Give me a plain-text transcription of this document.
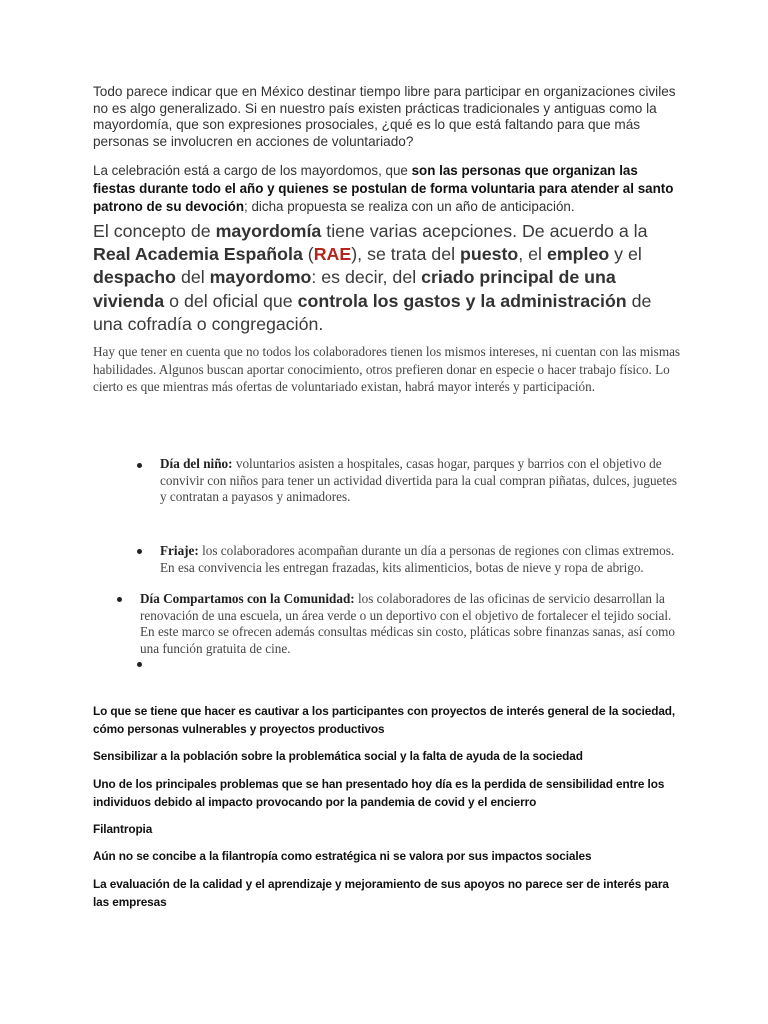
Todo parece indicar que en México destinar tiempo libre para participar en organizaciones civiles no es algo generalizado. Si en nuestro país existen prácticas tradicionales y antiguas como la mayordomía, que son expresiones prosociales, ¿qué es lo que está faltando para que más personas se involucren en acciones de voluntariado?

La celebración está a cargo de los mayordomos, que son las personas que organizan las fiestas durante todo el año y quienes se postulan de forma voluntaria para atender al santo patrono de su devoción; dicha propuesta se realiza con un año de anticipación.

El concepto de mayordomía tiene varias acepciones. De acuerdo a la Real Academia Española (RAE), se trata del puesto, el empleo y el despacho del mayordomo: es decir, del criado principal de una vivienda o del oficial que controla los gastos y la administración de una cofradía o congregación.

Hay que tener en cuenta que no todos los colaboradores tienen los mismos intereses, ni cuentan con las mismas habilidades. Algunos buscan aportar conocimiento, otros prefieren donar en especie o hacer trabajo físico. Lo cierto es que mientras más ofertas de voluntariado existan, habrá mayor interés y participación.

Día del niño: voluntarios asisten a hospitales, casas hogar, parques y barrios con el objetivo de convivir con niños para tener un actividad divertida para la cual compran piñatas, dulces, juguetes y contratan a payasos y animadores.

Friaje: los colaboradores acompañan durante un día a personas de regiones con climas extremos. En esa convivencia les entregan frazadas, kits alimenticios, botas de nieve y ropa de abrigo.

Día Compartamos con la Comunidad: los colaboradores de las oficinas de servicio desarrollan la renovación de una escuela, un área verde o un deportivo con el objetivo de fortalecer el tejido social. En este marco se ofrecen además consultas médicas sin costo, pláticas sobre finanzas sanas, así como una función gratuita de cine.

Lo que se tiene que hacer es cautivar a los participantes con proyectos de interés general de la sociedad, cómo personas vulnerables y proyectos productivos

Sensibilizar a la población sobre la problemática social y la falta de ayuda de la sociedad

Uno de los principales problemas que se han presentado hoy día es la perdida de sensibilidad entre los individuos debido al impacto provocando por la pandemia de covid y el encierro

Filantropia

Aún no se concibe a la filantropía como estratégica ni se valora por sus impactos sociales

La evaluación de la calidad y el aprendizaje y mejoramiento de sus apoyos no parece ser de interés para las empresas
